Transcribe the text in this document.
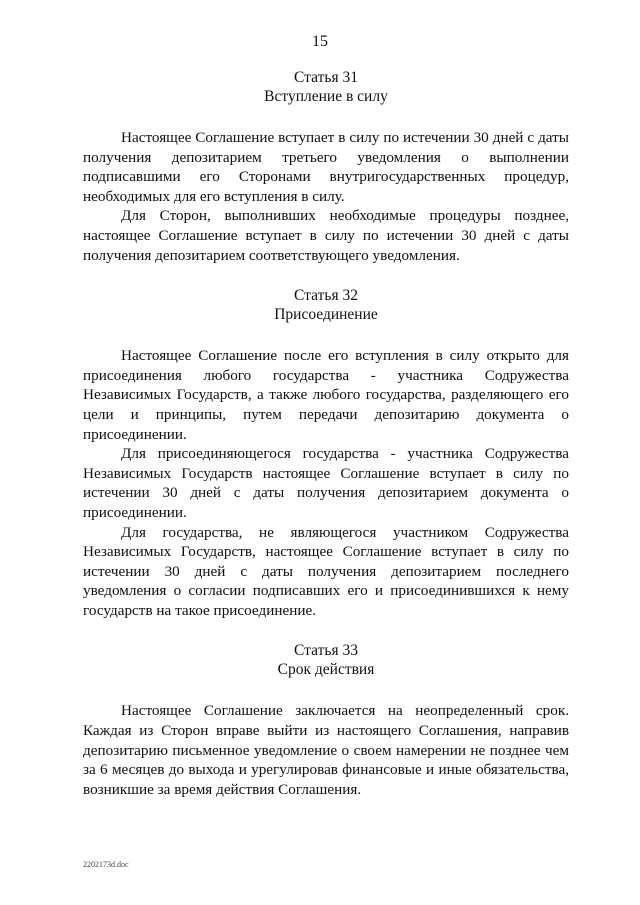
15
Статья 31
Вступление в силу

Настоящее Соглашение вступает в силу по истечении 30 дней с даты получения депозитарием третьего уведомления о выполнении подписавшими его Сторонами внутригосударственных процедур, необходимых для его вступления в силу.

Для Сторон, выполнивших необходимые процедуры позднее, настоящее Соглашение вступает в силу по истечении 30 дней с даты получения депозитарием соответствующего уведомления.

Статья 32
Присоединение

Настоящее Соглашение после его вступления в силу открыто для присоединения любого государства - участника Содружества Независимых Государств, а также любого государства, разделяющего его цели и принципы, путем передачи депозитарию документа о присоединении.

Для присоединяющегося государства - участника Содружества Независимых Государств настоящее Соглашение вступает в силу по истечении 30 дней с даты получения депозитарием документа о присоединении.

Для государства, не являющегося участником Содружества Независимых Государств, настоящее Соглашение вступает в силу по истечении 30 дней с даты получения депозитарием последнего уведомления о согласии подписавших его и присоединившихся к нему государств на такое присоединение.

Статья 33
Срок действия

Настоящее Соглашение заключается на неопределенный срок. Каждая из Сторон вправе выйти из настоящего Соглашения, направив депозитарию письменное уведомление о своем намерении не позднее чем за 6 месяцев до выхода и урегулировав финансовые и иные обязательства, возникшие за время действия Соглашения.

2202173d.doc
